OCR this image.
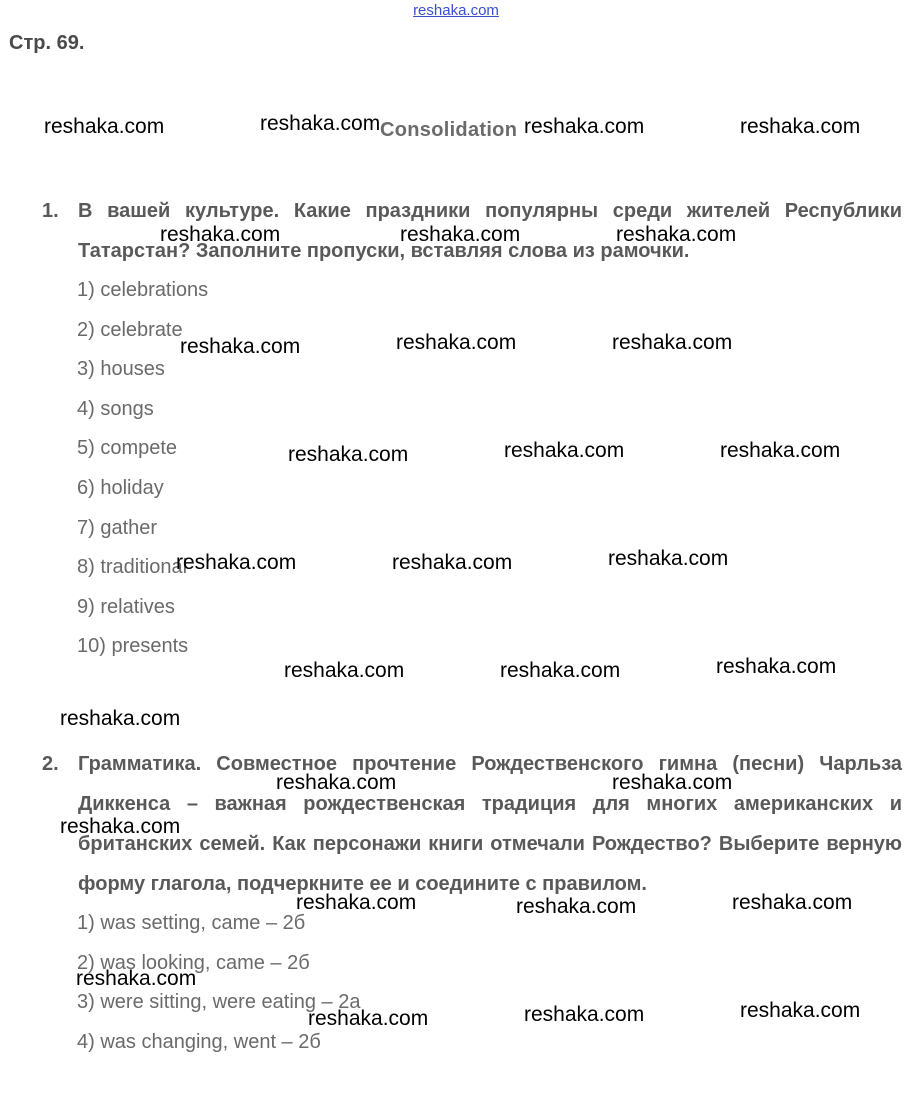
reshaka.com
Стр. 69.
Consolidation
1. В вашей культуре. Какие праздники популярны среди жителей Республики Татарстан? Заполните пропуски, вставляя слова из рамочки.
1) celebrations
2) celebrate
3) houses
4) songs
5) compete
6) holiday
7) gather
8) traditional
9) relatives
10) presents
2. Грамматика. Совместное прочтение Рождественского гимна (песни) Чарльза Диккенса – важная рождественская традиция для многих американских и британских семей. Как персонажи книги отмечали Рождество? Выберите верную форму глагола, подчеркните ее и соедините с правилом.
1) was setting, came – 2б
2) was looking, came – 2б
3) were sitting, were eating – 2а
4) was changing, went – 2б
reshaka.com	reshaka.com	reshaka.com	reshaka.com
reshaka.com	reshaka.com	reshaka.com
reshaka.com	reshaka.com	reshaka.com
reshaka.com	reshaka.com	reshaka.com
reshaka.com	reshaka.com	reshaka.com
reshaka.com	reshaka.com	reshaka.com
reshaka.com
reshaka.com	reshaka.com
reshaka.com
reshaka.com	reshaka.com	reshaka.com
reshaka.com
reshaka.com	reshaka.com	reshaka.com
